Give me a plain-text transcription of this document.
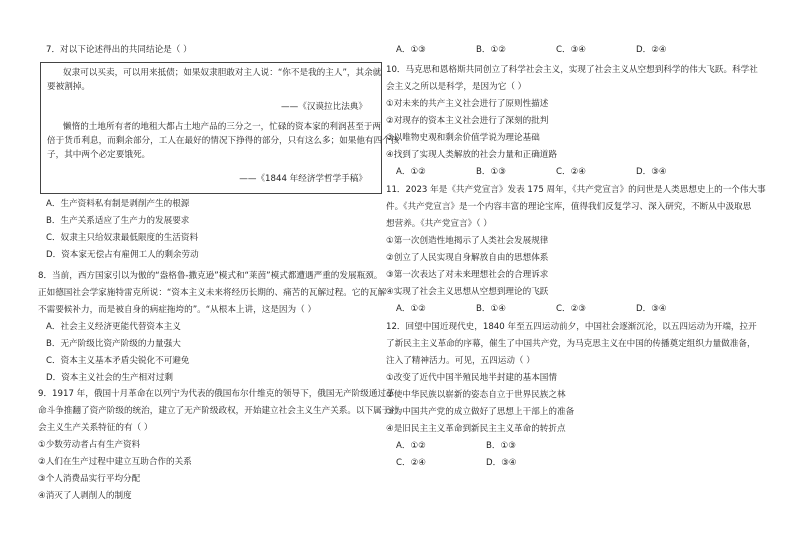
7．对以下论述得出的共同结论是（ ）
奴隶可以买卖，可以用来抵债；如果奴隶胆敢对主人说：“你不是我的主人”，其余就
要被割掉。
——《汉谟拉比法典》
懒惰的土地所有者的地租大都占土地产品的三分之一，忙碌的资本家的利润甚至于两
倍于货币利息，而剩余部分，工人在最好的情况下挣得的部分，只有这么多；如果他有四个孩
子，其中两个必定要饿死。
——《1844 年经济学哲学手稿》
A．生产资料私有制是剥削产生的根源
B．生产关系适应了生产力的发展要求
C．奴隶主只给奴隶最低限度的生活资料
D．资本家无偿占有雇佣工人的剩余劳动
8．当前，西方国家引以为傲的“盎格鲁-撒克逊”模式和“莱茵”模式都遭遇严重的发展瓶颈。
正如德国社会学家施特雷克所说：“资本主义未来将经历长期的、痛苦的瓦解过程。它的瓦解
不需要候补力，而是被自身的病症拖垮的”。“从根本上讲，这是因为（ ）
A．社会主义经济更能代替资本主义
B．无产阶级比资产阶级的力量强大
C．资本主义基本矛盾尖锐化不可避免
D．资本主义社会的生产相对过剩
9．1917 年，俄国十月革命在以列宁为代表的俄国布尔什维克的领导下，俄国无产阶级通过革
命斗争推翻了资产阶级的统治，建立了无产阶级政权，开始建立社会主义生产关系。以下属于社
会主义生产关系特征的有（ ）
①少数劳动者占有生产资料
②人们在生产过程中建立互助合作的关系
③个人消费品实行平均分配
④消灭了人剥削人的制度
A．①③	B．①②	C．③④	D．②④
10．马克思和恩格斯共同创立了科学社会主义，实现了社会主义从空想到科学的伟大飞跃。科学社
会主义之所以是科学，是因为它（ ）
①对未来的共产主义社会进行了原则性描述
②对现存的资本主义社会进行了深刻的批判
③以唯物史观和剩余价值学说为理论基础
④找到了实现人类解放的社会力量和正确道路
A．①②	B．①③	C．②④	D．③④
11．2023 年是《共产党宣言》发表 175 周年，《共产党宣言》的问世是人类思想史上的一个伟大事
件。《共产党宣言》是一个内容丰富的理论宝库，值得我们反复学习、深入研究，不断从中汲取思
想营养。《共产党宣言》（ ）
①第一次创造性地揭示了人类社会发展规律
②创立了人民实现自身解放自由的思想体系
③第一次表达了对未来理想社会的合理诉求
④实现了社会主义思想从空想到理论的飞跃
A．①②	B．①④	C．②③	D．③④
12．回望中国近现代史，1840 年至五四运动前夕，中国社会逐渐沉沦，以五四运动为开端，拉开
了新民主主义革命的序幕，催生了中国共产党，为马克思主义在中国的传播奠定组织力量做准备，
注入了精神活力。可见，五四运动（ ）
①改变了近代中国半殖民地半封建的基本国情
②使中华民族以崭新的姿态自立于世界民族之林
③为中国共产党的成立做好了思想上干部上的准备
④是旧民主主义革命到新民主主义革命的转折点
A．①②	B．①③
C．②④	D．③④
